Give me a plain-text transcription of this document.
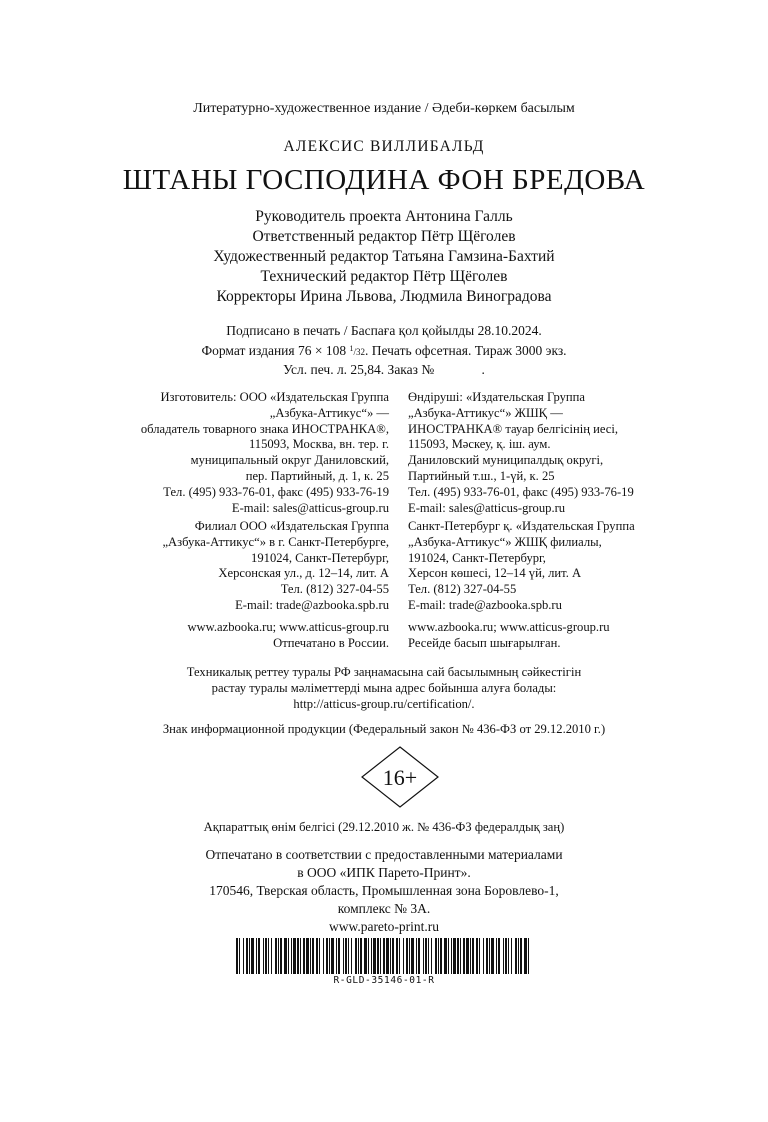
Литературно-художественное издание / Әдеби-көркем басылым
АЛЕКСИС ВИЛЛИБАЛЬД
ШТАНЫ ГОСПОДИНА ФОН БРЕДОВА
Руководитель проекта Антонина Галль
Ответственный редактор Пётр Щёголев
Художественный редактор Татьяна Гамзина-Бахтий
Технический редактор Пётр Щёголев
Корректоры Ирина Львова, Людмила Виноградова
Подписано в печать / Баспаға қол қойылды 28.10.2024.
Формат издания 76 × 108 $^1$/32. Печать офсетная. Тираж 3000 экз.
Усл. печ. л. 25,84. Заказ №              .
Изготовитель: ООО «Издательская Группа
„Азбука-Аттикус“» —
обладатель товарного знака ИНОСТРАНКА®,
115093, Москва, вн. тер. г.
муниципальный округ Даниловский,
пер. Партийный, д. 1, к. 25
Тел. (495) 933-76-01, факс (495) 933-76-19
E-mail: sales@atticus-group.ru
Өндіруші: «Издательская Группа
„Азбука-Аттикус“» ЖШҚ —
ИНОСТРАНКА® тауар белгісінің иесі,
115093, Мәскеу, қ. іш. аум.
Даниловский муниципалдық округі,
Партийный т.ш., 1-үй, к. 25
Тел. (495) 933-76-01, факс (495) 933-76-19
E-mail: sales@atticus-group.ru
Филиал ООО «Издательская Группа
„Азбука-Аттикус“» в г. Санкт-Петербурге,
191024, Санкт-Петербург,
Херсонская ул., д. 12–14, лит. А
Тел. (812) 327-04-55
E-mail: trade@azbooka.spb.ru
Санкт-Петербург қ. «Издательская Группа
„Азбука-Аттикус“» ЖШҚ филиалы,
191024, Санкт-Петербург,
Херсон көшесі, 12–14 үй, лит. А
Тел. (812) 327-04-55
E-mail: trade@azbooka.spb.ru
www.azbooka.ru; www.atticus-group.ru
Отпечатано в России.
www.azbooka.ru; www.atticus-group.ru
Ресейде басып шығарылған.
Техникалық реттеу туралы РФ заңнамасына сай басылымның сәйкестігін
растау туралы мәліметтерді мына адрес бойынша алуға болады:
http://atticus-group.ru/certification/.
Знак информационной продукции (Федеральный закон № 436-ФЗ от 29.12.2010 г.)
16+
Ақпараттық өнім белгісі (29.12.2010 ж. № 436-ФЗ федералдық заң)
Отпечатано в соответствии с предоставленными материалами
в ООО «ИПК Парето-Принт».
170546, Тверская область, Промышленная зона Боровлево-1,
комплекс № 3А.
www.pareto-print.ru
R-GLD-35146-01-R
